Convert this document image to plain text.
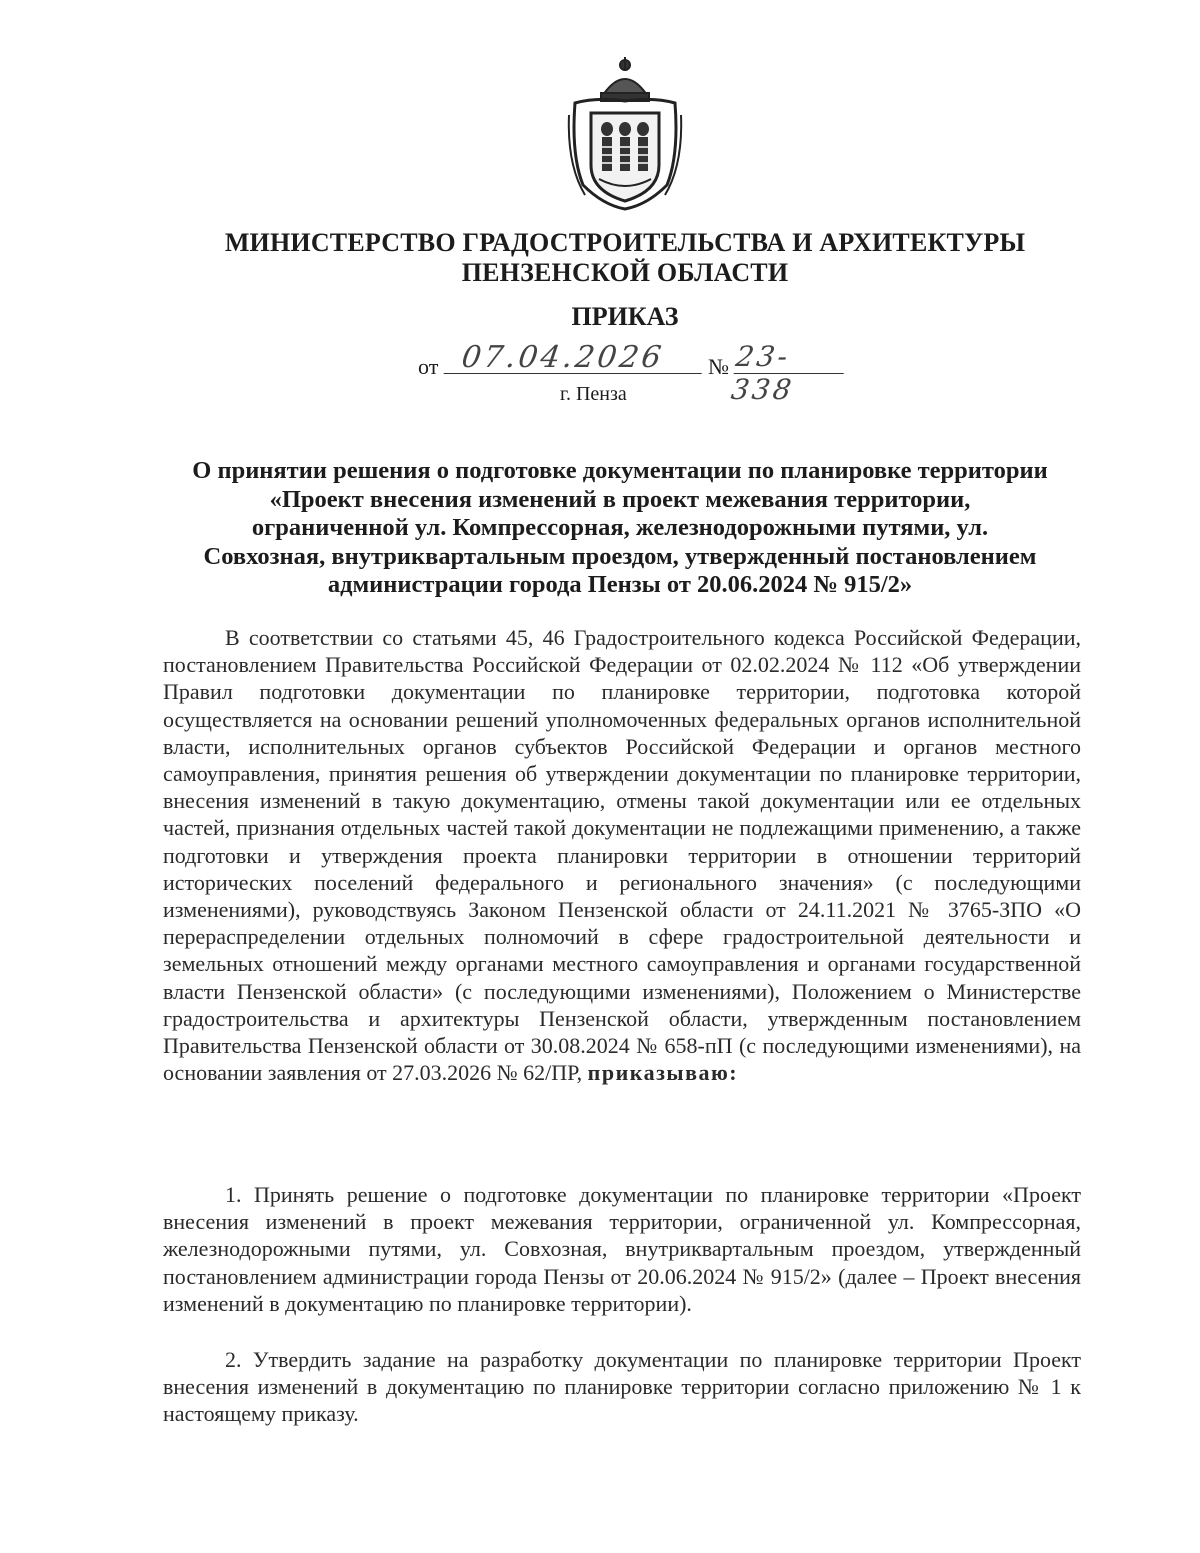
МИНИСТЕРСТВО ГРАДОСТРОИТЕЛЬСТВА И АРХИТЕКТУРЫ
ПЕНЗЕНСКОЙ ОБЛАСТИ
ПРИКАЗ
от 07.04.2026	№ 23-338
г. Пенза
О принятии решения о подготовке документации по планировке территории «Проект внесения изменений в проект межевания территории, ограниченной ул. Компрессорная, железнодорожными путями, ул. Совхозная, внутриквартальным проездом, утвержденный постановлением администрации города Пензы от 20.06.2024 № 915/2»
В соответствии со статьями 45, 46 Градостроительного кодекса Российской Федерации, постановлением Правительства Российской Федерации от 02.02.2024 № 112 «Об утверждении Правил подготовки документации по планировке территории, подготовка которой осуществляется на основании решений уполномоченных федеральных органов исполнительной власти, исполнительных органов субъектов Российской Федерации и органов местного самоуправления, принятия решения об утверждении документации по планировке территории, внесения изменений в такую документацию, отмены такой документации или ее отдельных частей, признания отдельных частей такой документации не подлежащими применению, а также подготовки и утверждения проекта планировки территории в отношении территорий исторических поселений федерального и регионального значения» (с последующими изменениями), руководствуясь Законом Пензенской области от 24.11.2021 № 3765-ЗПО «О перераспределении отдельных полномочий в сфере градостроительной деятельности и земельных отношений между органами местного самоуправления и органами государственной власти Пензенской области» (с последующими изменениями), Положением о Министерстве градостроительства и архитектуры Пензенской области, утвержденным постановлением Правительства Пензенской области от 30.08.2024 № 658-пП (с последующими изменениями), на основании заявления от 27.03.2026 № 62/ПР, приказываю:
1. Принять решение о подготовке документации по планировке территории «Проект внесения изменений в проект межевания территории, ограниченной ул. Компрессорная, железнодорожными путями, ул. Совхозная, внутриквартальным проездом, утвержденный постановлением администрации города Пензы от 20.06.2024 № 915/2» (далее – Проект внесения изменений в документацию по планировке территории).
2. Утвердить задание на разработку документации по планировке территории Проект внесения изменений в документацию по планировке территории согласно приложению № 1 к настоящему приказу.
